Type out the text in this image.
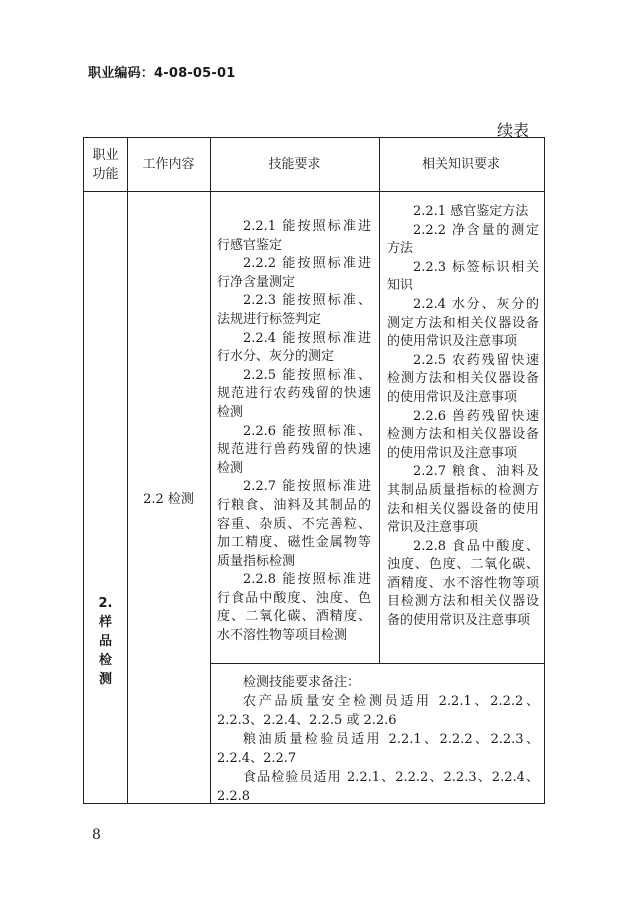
职业编码：4-08-05-01
续表
职业
功能
工作内容	技能要求	相关知识要求
2.
样
品
检
测
2.2 检测

2.2.1 能按照标准进行感官鉴定

2.2.2 能按照标准进行净含量测定

2.2.3 能按照标准、法规进行标签判定

2.2.4 能按照标准进行水分、灰分的测定

2.2.5 能按照标准、规范进行农药残留的快速检测

2.2.6 能按照标准、规范进行兽药残留的快速检测

2.2.7 能按照标准进行粮食、油料及其制品的容重、杂质、不完善粒、加工精度、磁性金属物等质量指标检测

2.2.8 能按照标准进行食品中酸度、浊度、色度、二氧化碳、酒精度、水不溶性物等项目检测

2.2.1 感官鉴定方法

2.2.2 净含量的测定方法

2.2.3 标签标识相关知识

2.2.4 水分、灰分的测定方法和相关仪器设备的使用常识及注意事项

2.2.5 农药残留快速检测方法和相关仪器设备的使用常识及注意事项

2.2.6 兽药残留快速检测方法和相关仪器设备的使用常识及注意事项

2.2.7 粮食、油料及其制品质量指标的检测方法和相关仪器设备的使用常识及注意事项

2.2.8 食品中酸度、浊度、色度、二氧化碳、酒精度、水不溶性物等项目检测方法和相关仪器设备的使用常识及注意事项

检测技能要求备注：

农产品质量安全检测员适用 2.2.1、2.2.2、2.2.3、2.2.4、2.2.5 或 2.2.6

粮油质量检验员适用 2.2.1、2.2.2、2.2.3、2.2.4、2.2.7

食品检验员适用 2.2.1、2.2.2、2.2.3、2.2.4、2.2.8

8
